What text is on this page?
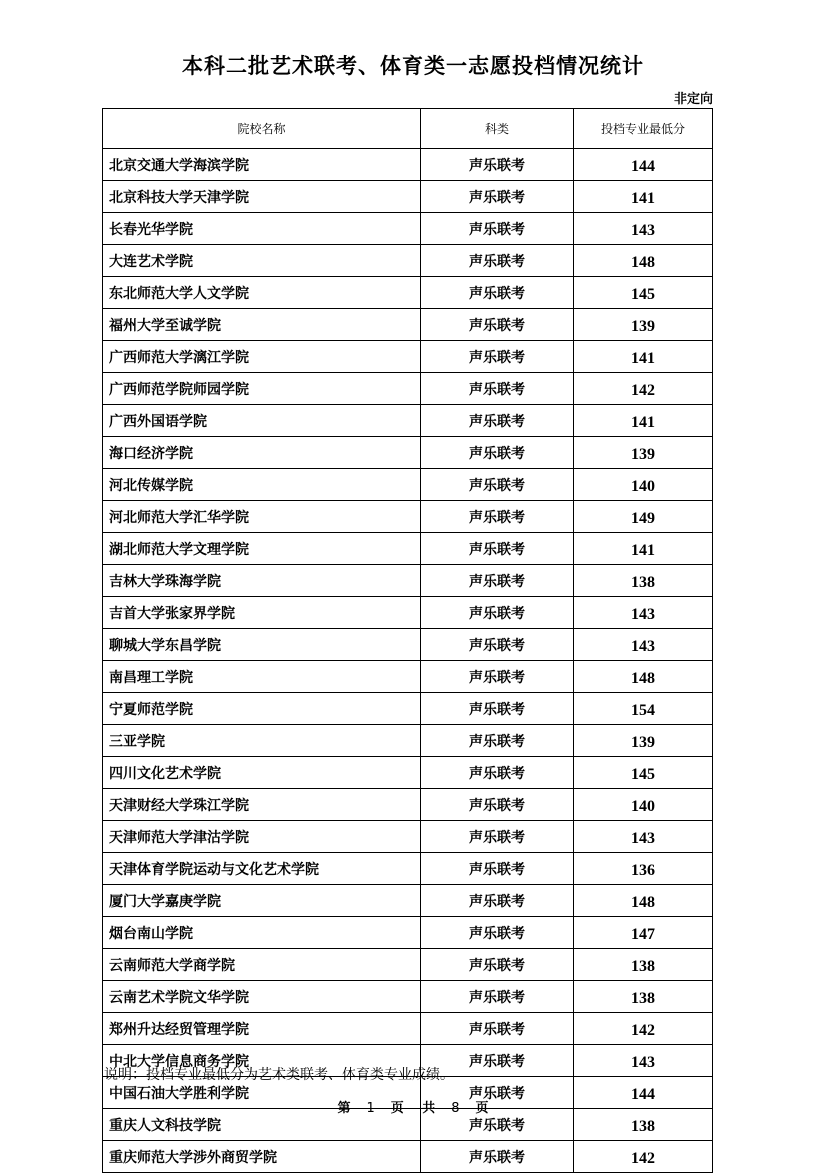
本科二批艺术联考、体育类一志愿投档情况统计
非定向
院校名称	科类	投档专业最低分
北京交通大学海滨学院	声乐联考	144
北京科技大学天津学院	声乐联考	141
长春光华学院	声乐联考	143
大连艺术学院	声乐联考	148
东北师范大学人文学院	声乐联考	145
福州大学至诚学院	声乐联考	139
广西师范大学漓江学院	声乐联考	141
广西师范学院师园学院	声乐联考	142
广西外国语学院	声乐联考	141
海口经济学院	声乐联考	139
河北传媒学院	声乐联考	140
河北师范大学汇华学院	声乐联考	149
湖北师范大学文理学院	声乐联考	141
吉林大学珠海学院	声乐联考	138
吉首大学张家界学院	声乐联考	143
聊城大学东昌学院	声乐联考	143
南昌理工学院	声乐联考	148
宁夏师范学院	声乐联考	154
三亚学院	声乐联考	139
四川文化艺术学院	声乐联考	145
天津财经大学珠江学院	声乐联考	140
天津师范大学津沽学院	声乐联考	143
天津体育学院运动与文化艺术学院	声乐联考	136
厦门大学嘉庚学院	声乐联考	148
烟台南山学院	声乐联考	147
云南师范大学商学院	声乐联考	138
云南艺术学院文华学院	声乐联考	138
郑州升达经贸管理学院	声乐联考	142
中北大学信息商务学院	声乐联考	143
中国石油大学胜利学院	声乐联考	144
重庆人文科技学院	声乐联考	138
重庆师范大学涉外商贸学院	声乐联考	142
说明：投档专业最低分为艺术类联考、体育类专业成绩。
第 1 页 共 8 页
